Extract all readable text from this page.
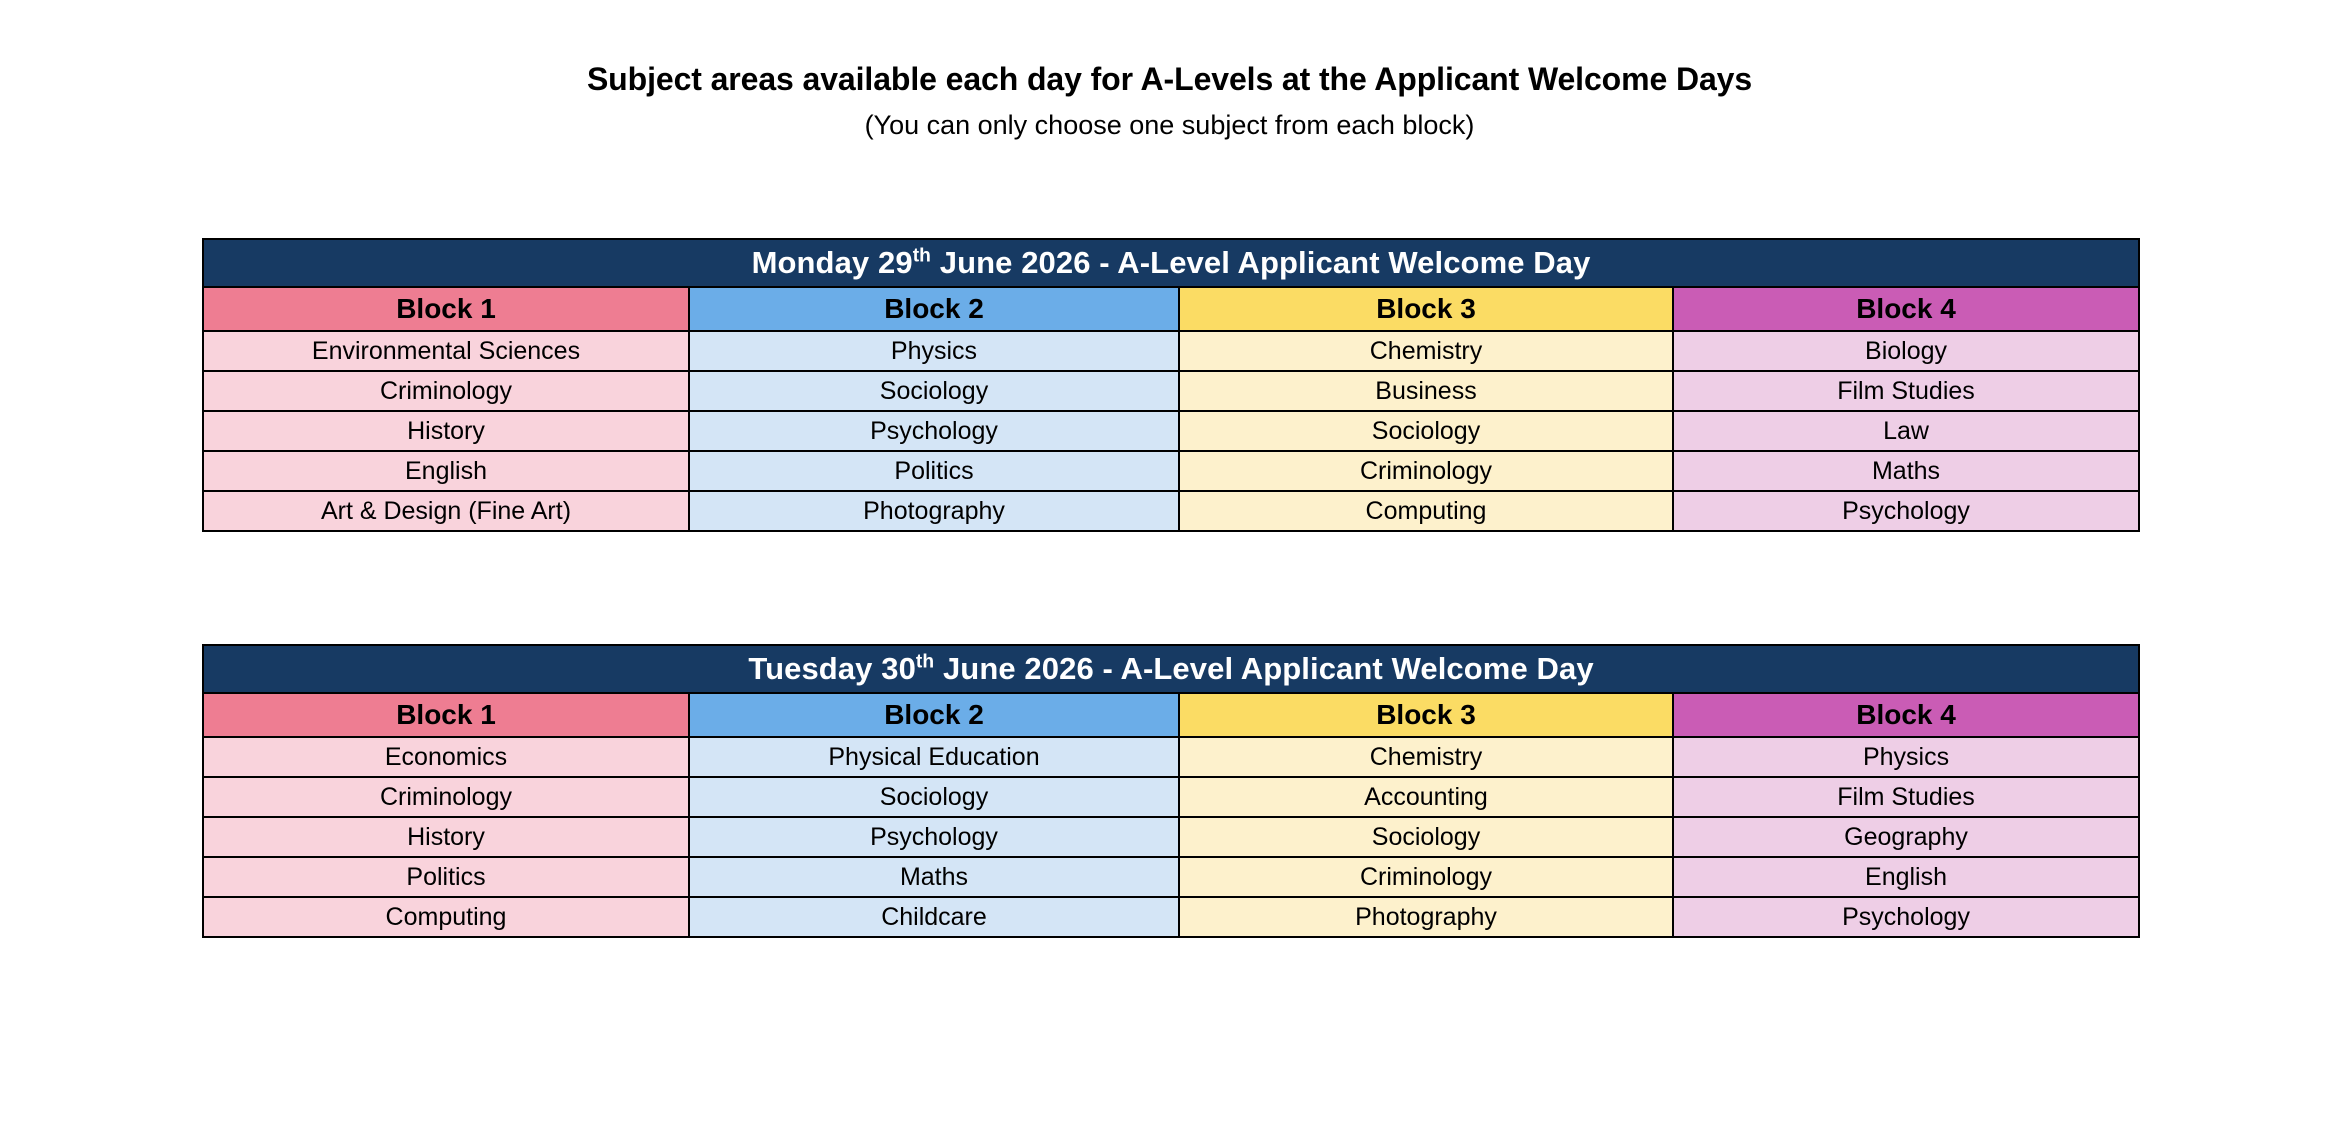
Subject areas available each day for A-Levels at the Applicant Welcome Days

(You can only choose one subject from each block)

Monday 29th June 2026 - A-Level Applicant Welcome Day			
Block 1	Block 2	Block 3	Block 4
Environmental Sciences	Physics	Chemistry	Biology
Criminology	Sociology	Business	Film Studies
History	Psychology	Sociology	Law
English	Politics	Criminology	Maths
Art & Design (Fine Art)	Photography	Computing	Psychology
Tuesday 30th June 2026 - A-Level Applicant Welcome Day			
Block 1	Block 2	Block 3	Block 4
Economics	Physical Education	Chemistry	Physics
Criminology	Sociology	Accounting	Film Studies
History	Psychology	Sociology	Geography
Politics	Maths	Criminology	English
Computing	Childcare	Photography	Psychology
